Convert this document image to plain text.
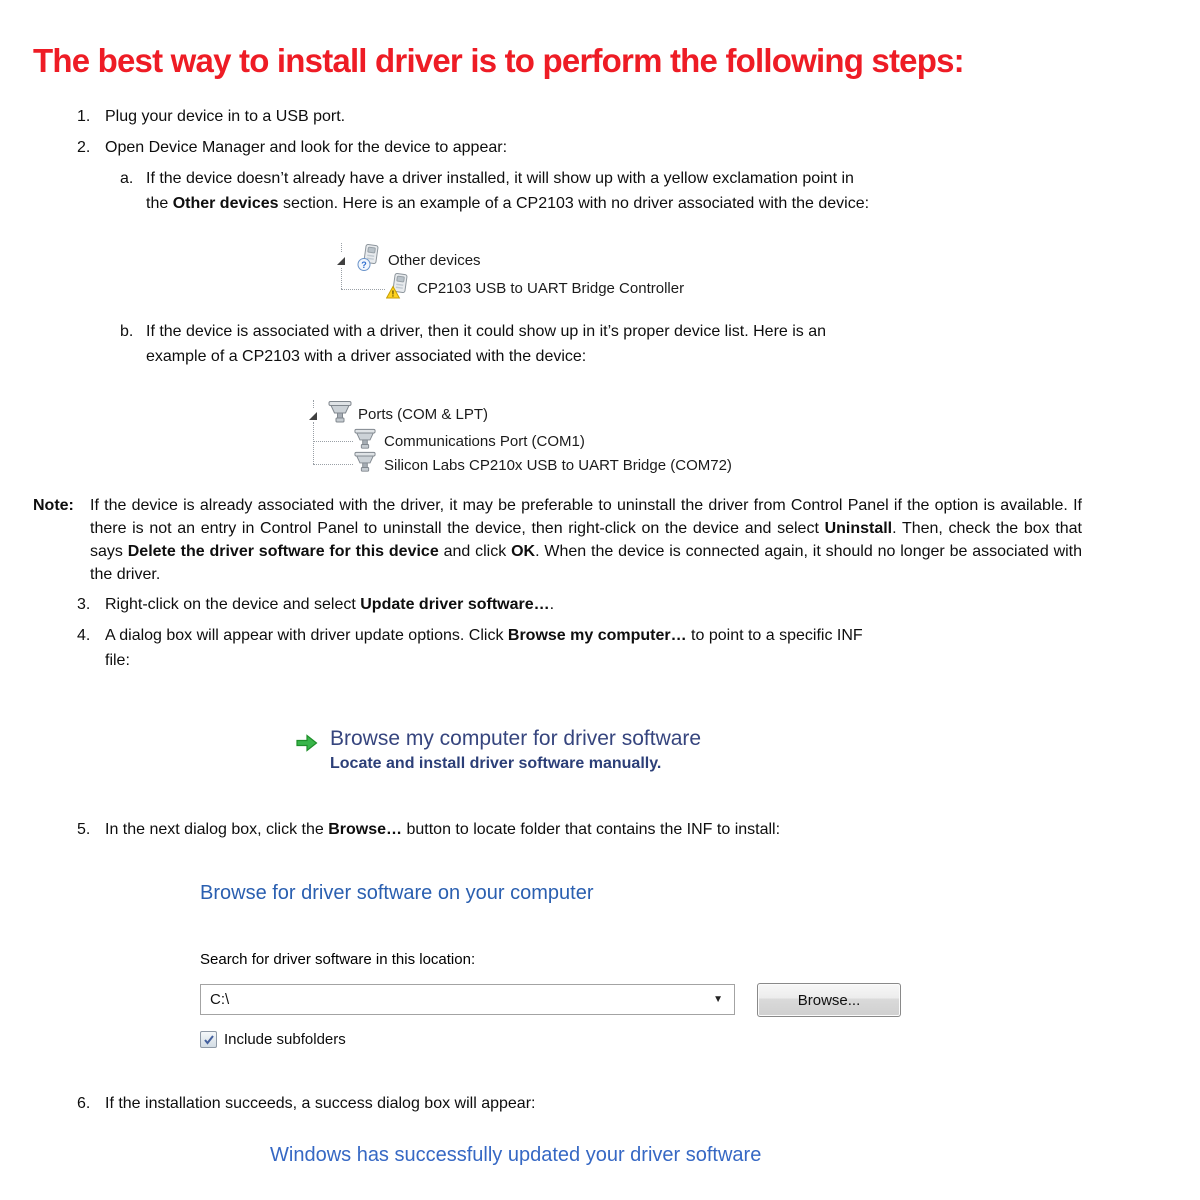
The best way to install driver is to perform the following steps:
1. Plug your device in to a USB port.
2. Open Device Manager and look for the device to appear:
a. If the device doesn’t already have a driver installed, it will show up with a yellow exclamation point in
the Other devices section. Here is an example of a CP2103 with no driver associated with the device:
? Other devices
! CP2103 USB to UART Bridge Controller
b. If the device is associated with a driver, then it could show up in it’s proper device list. Here is an
example of a CP2103 with a driver associated with the device:
Ports (COM & LPT)
Communications Port (COM1)
Silicon Labs CP210x USB to UART Bridge (COM72)
Note: If the device is already associated with the driver, it may be preferable to uninstall the driver from Control Panel if the option is available. If there is not an entry in Control Panel to uninstall the device, then right-click on the device and select Uninstall. Then, check the box that says Delete the driver software for this device and click OK. When the device is connected again, it should no longer be associated with the driver.
3. Right-click on the device and select Update driver software….
4. A dialog box will appear with driver update options. Click Browse my computer… to point to a specific INF
file:
Browse my computer for driver software
Locate and install driver software manually.
5. In the next dialog box, click the Browse… button to locate folder that contains the INF to install:
Browse for driver software on your computer
Search for driver software in this location:
C:\	▼	Browse...
Include subfolders
6. If the installation succeeds, a success dialog box will appear:
Windows has successfully updated your driver software
